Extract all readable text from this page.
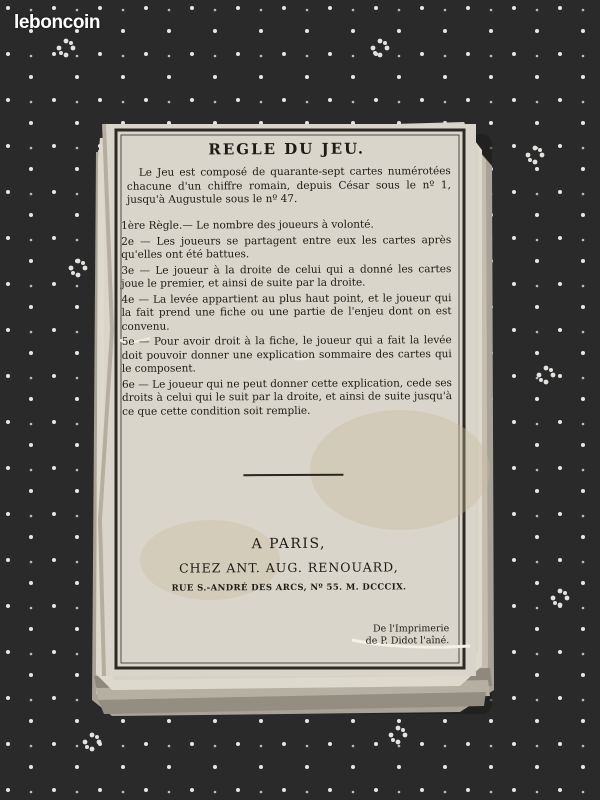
leboncoin
REGLE DU JEU.
Le Jeu est composé de quarante-sept cartes numérotées chacune d'un chiffre romain, depuis César sous le nº 1, jusqu'à Augustule sous le nº 47.
1ère Règle.— Le nombre des joueurs à volonté.
2e — Les joueurs se partagent entre eux les cartes après qu'elles ont été battues.
3e — Le joueur à la droite de celui qui a donné les cartes joue le premier, et ainsi de suite par la droite.
4e — La levée appartient au plus haut point, et le joueur qui la fait prend une fiche ou une partie de l'enjeu dont on est convenu.
5e — Pour avoir droit à la fiche, le joueur qui a fait la levée doit pouvoir donner une explication sommaire des cartes qui le composent.
6e — Le joueur qui ne peut donner cette explication, cede ses droits à celui qui le suit par la droite, et ainsi de suite jusqu'à ce que cette condition soit remplie.
A PARIS,
CHEZ ANT. AUG. RENOUARD,
RUE S.-ANDRÉ DES ARCS, Nº 55. M. DCCCIX.
De l'Imprimerie
de P. Didot l'aîné.
